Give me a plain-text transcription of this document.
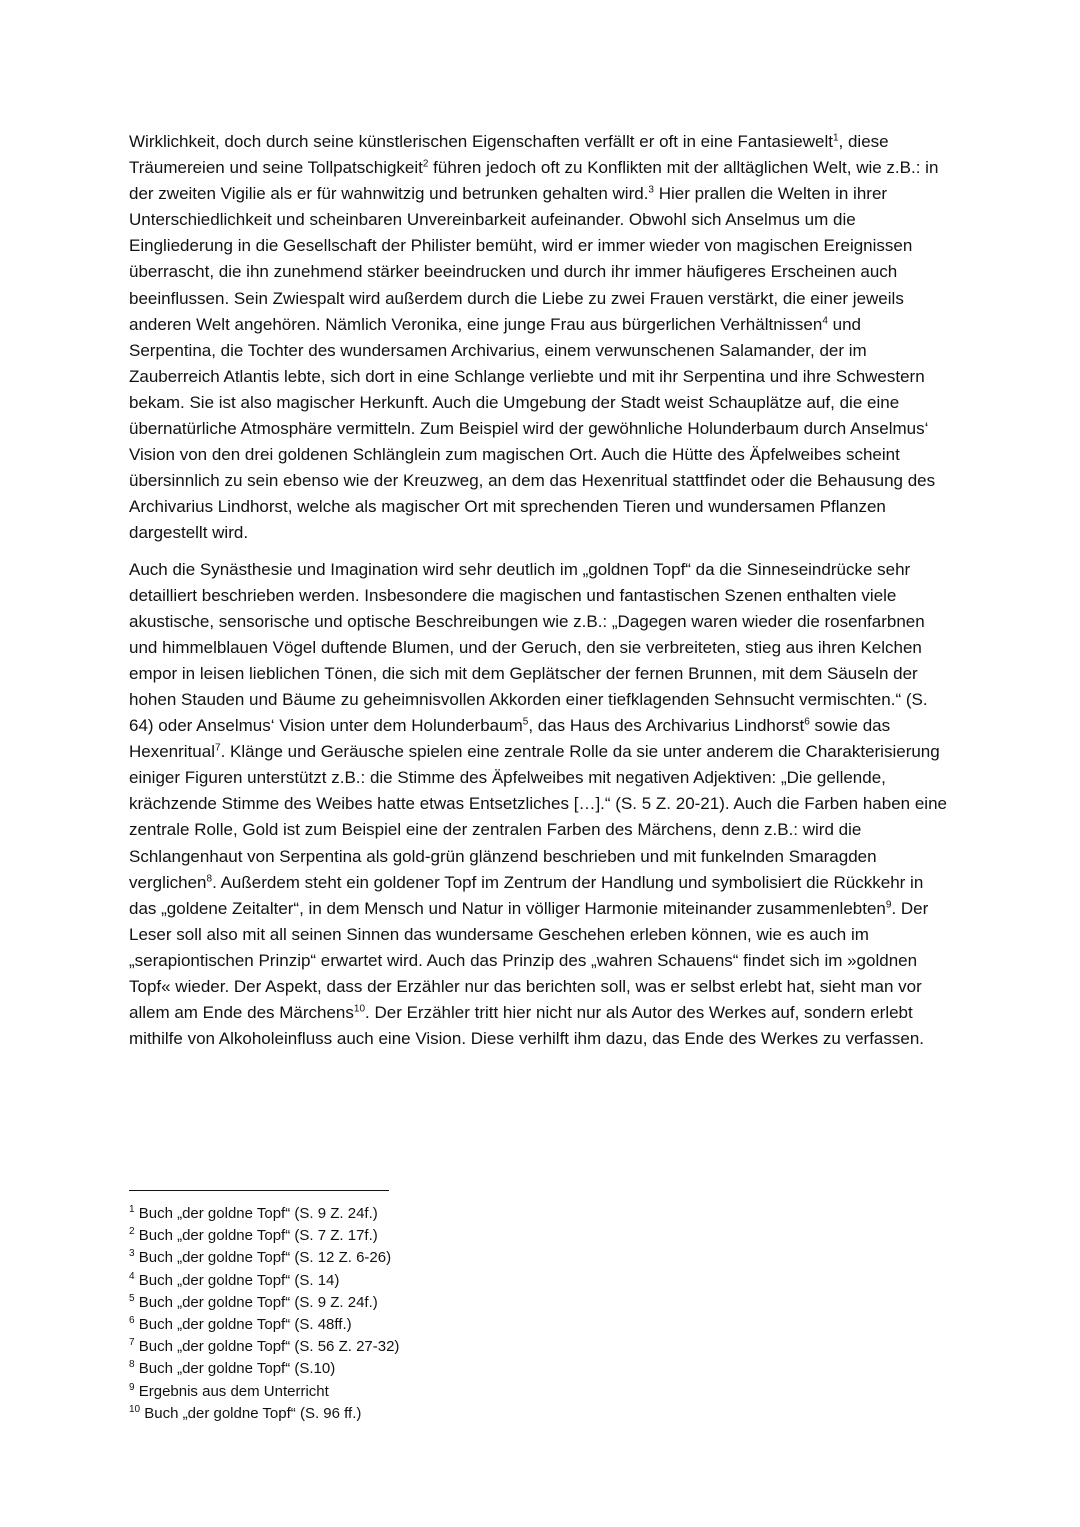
Wirklichkeit, doch durch seine künstlerischen Eigenschaften verfällt er oft in eine Fantasiewelt$^1$, diese Träumereien und seine Tollpatschigkeit$^2$ führen jedoch oft zu Konflikten mit der alltäglichen Welt, wie z.B.: in der zweiten Vigilie als er für wahnwitzig und betrunken gehalten wird.$^3$ Hier prallen die Welten in ihrer Unterschiedlichkeit und scheinbaren Unvereinbarkeit aufeinander. Obwohl sich Anselmus um die Eingliederung in die Gesellschaft der Philister bemüht, wird er immer wieder von magischen Ereignissen überrascht, die ihn zunehmend stärker beeindrucken und durch ihr immer häufigeres Erscheinen auch beeinflussen. Sein Zwiespalt wird außerdem durch die Liebe zu zwei Frauen verstärkt, die einer jeweils anderen Welt angehören. Nämlich Veronika, eine junge Frau aus bürgerlichen Verhältnissen$^4$ und Serpentina, die Tochter des wundersamen Archivarius, einem verwunschenen Salamander, der im Zauberreich Atlantis lebte, sich dort in eine Schlange verliebte und mit ihr Serpentina und ihre Schwestern bekam. Sie ist also magischer Herkunft. Auch die Umgebung der Stadt weist Schauplätze auf, die eine übernatürliche Atmosphäre vermitteln. Zum Beispiel wird der gewöhnliche Holunderbaum durch Anselmus‘ Vision von den drei goldenen Schlänglein zum magischen Ort. Auch die Hütte des Äpfelweibes scheint übersinnlich zu sein ebenso wie der Kreuzweg, an dem das Hexenritual stattfindet oder die Behausung des Archivarius Lindhorst, welche als magischer Ort mit sprechenden Tieren und wundersamen Pflanzen dargestellt wird.

Auch die Synästhesie und Imagination wird sehr deutlich im „goldnen Topf“ da die Sinneseindrücke sehr detailliert beschrieben werden. Insbesondere die magischen und fantastischen Szenen enthalten viele akustische, sensorische und optische Beschreibungen wie z.B.: „Dagegen waren wieder die rosenfarbnen und himmelblauen Vögel duftende Blumen, und der Geruch, den sie verbreiteten, stieg aus ihren Kelchen empor in leisen lieblichen Tönen, die sich mit dem Geplätscher der fernen Brunnen, mit dem Säuseln der hohen Stauden und Bäume zu geheimnisvollen Akkorden einer tiefklagenden Sehnsucht vermischten.“ (S. 64) oder Anselmus‘ Vision unter dem Holunderbaum$^5$, das Haus des Archivarius Lindhorst$^6$ sowie das Hexenritual$^7$. Klänge und Geräusche spielen eine zentrale Rolle da sie unter anderem die Charakterisierung einiger Figuren unterstützt z.B.: die Stimme des Äpfelweibes mit negativen Adjektiven: „Die gellende, krächzende Stimme des Weibes hatte etwas Entsetzliches […].“ (S. 5 Z. 20-21). Auch die Farben haben eine zentrale Rolle, Gold ist zum Beispiel eine der zentralen Farben des Märchens, denn z.B.: wird die Schlangenhaut von Serpentina als gold-grün glänzend beschrieben und mit funkelnden Smaragden verglichen$^8$. Außerdem steht ein goldener Topf im Zentrum der Handlung und symbolisiert die Rückkehr in das „goldene Zeitalter“, in dem Mensch und Natur in völliger Harmonie miteinander zusammenlebten$^9$. Der Leser soll also mit all seinen Sinnen das wundersame Geschehen erleben können, wie es auch im „serapiontischen Prinzip“ erwartet wird. Auch das Prinzip des „wahren Schauens“ findet sich im »goldnen Topf« wieder. Der Aspekt, dass der Erzähler nur das berichten soll, was er selbst erlebt hat, sieht man vor allem am Ende des Märchens$^{10}$. Der Erzähler tritt hier nicht nur als Autor des Werkes auf, sondern erlebt mithilfe von Alkoholeinfluss auch eine Vision. Diese verhilft ihm dazu, das Ende des Werkes zu verfassen.

$^1$ Buch „der goldne Topf“ (S. 9 Z. 24f.)

$^2$ Buch „der goldne Topf“ (S. 7 Z. 17f.)

$^3$ Buch „der goldne Topf“ (S. 12 Z. 6-26)

$^4$ Buch „der goldne Topf“ (S. 14)

$^5$ Buch „der goldne Topf“ (S. 9 Z. 24f.)

$^6$ Buch „der goldne Topf“ (S. 48ff.)

$^7$ Buch „der goldne Topf“ (S. 56 Z. 27-32)

$^8$ Buch „der goldne Topf“ (S.10)

$^9$ Ergebnis aus dem Unterricht

$^{10}$ Buch „der goldne Topf“ (S. 96 ff.)
